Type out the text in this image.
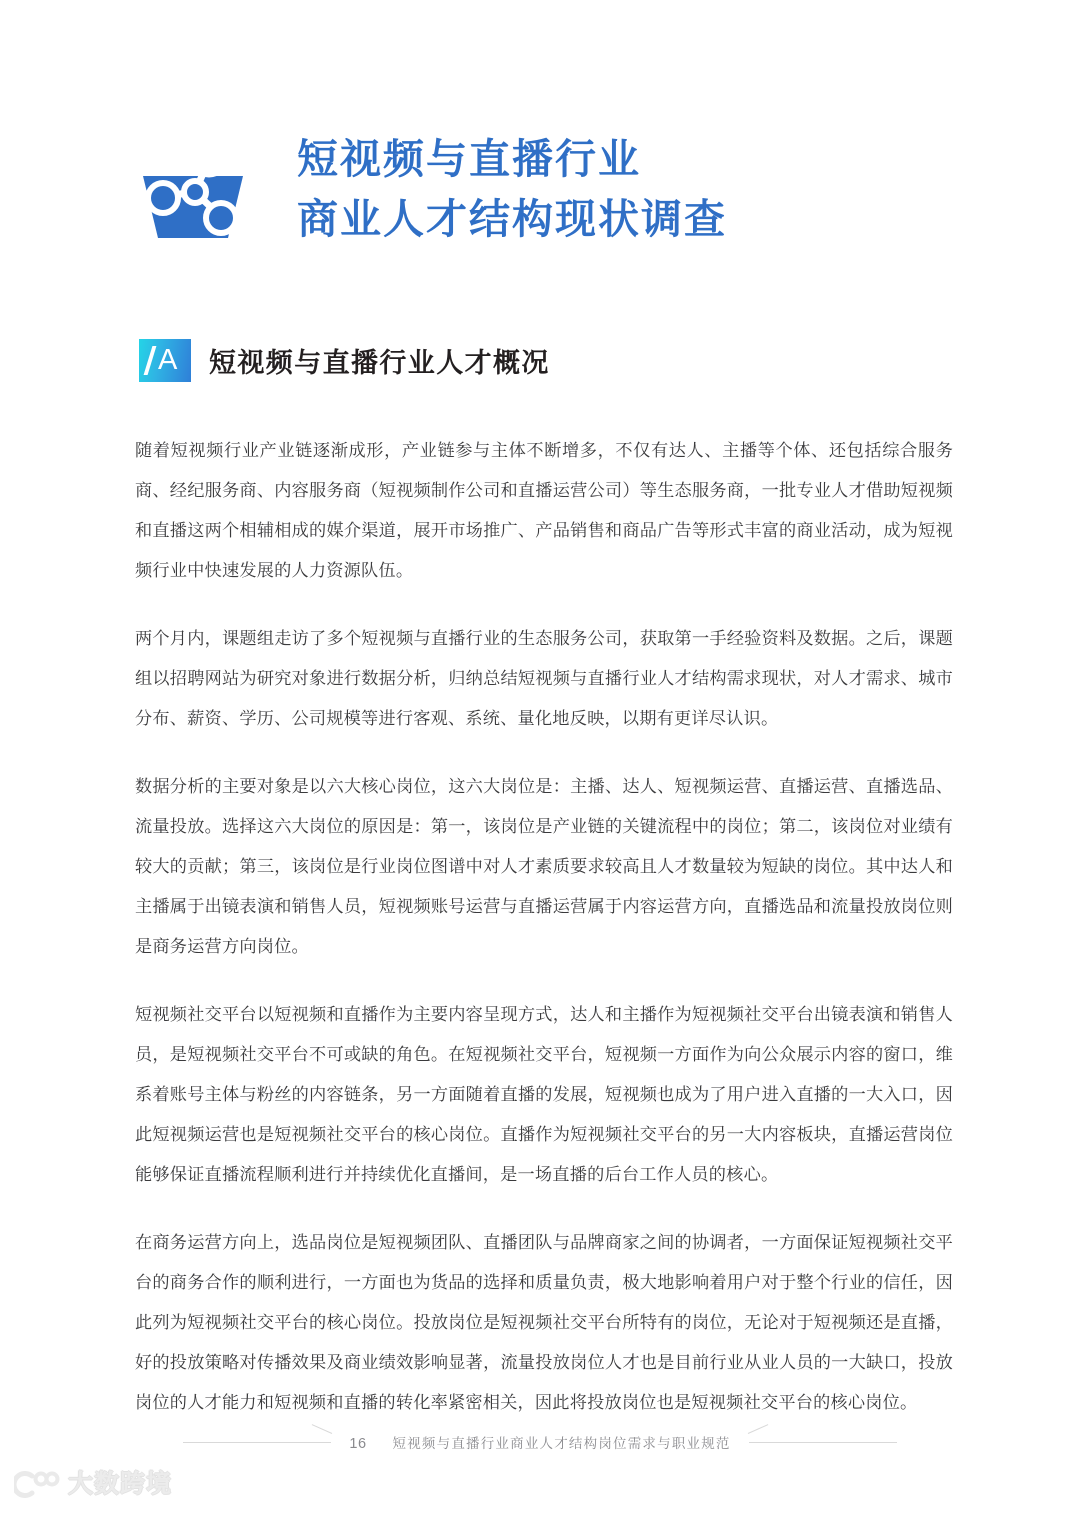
短视频与直播行业
商业人才结构现状调查
A 短视频与直播行业人才概况

随着短视频行业产业链逐渐成形，产业链参与主体不断增多，不仅有达人、主播等个体、还包括综合服务商、经纪服务商、内容服务商（短视频制作公司和直播运营公司）等生态服务商，一批专业人才借助短视频和直播这两个相辅相成的媒介渠道，展开市场推广、产品销售和商品广告等形式丰富的商业活动，成为短视频行业中快速发展的人力资源队伍。

两个月内，课题组走访了多个短视频与直播行业的生态服务公司，获取第一手经验资料及数据。之后，课题组以招聘网站为研究对象进行数据分析，归纳总结短视频与直播行业人才结构需求现状，对人才需求、城市分布、薪资、学历、公司规模等进行客观、系统、量化地反映，以期有更详尽认识。

数据分析的主要对象是以六大核心岗位，这六大岗位是：主播、达人、短视频运营、直播运营、直播选品、流量投放。选择这六大岗位的原因是：第一，该岗位是产业链的关键流程中的岗位；第二，该岗位对业绩有较大的贡献；第三，该岗位是行业岗位图谱中对人才素质要求较高且人才数量较为短缺的岗位。其中达人和主播属于出镜表演和销售人员，短视频账号运营与直播运营属于内容运营方向，直播选品和流量投放岗位则是商务运营方向岗位。

短视频社交平台以短视频和直播作为主要内容呈现方式，达人和主播作为短视频社交平台出镜表演和销售人员，是短视频社交平台不可或缺的角色。在短视频社交平台，短视频一方面作为向公众展示内容的窗口，维系着账号主体与粉丝的内容链条，另一方面随着直播的发展，短视频也成为了用户进入直播的一大入口，因此短视频运营也是短视频社交平台的核心岗位。直播作为短视频社交平台的另一大内容板块，直播运营岗位能够保证直播流程顺利进行并持续优化直播间，是一场直播的后台工作人员的核心。

在商务运营方向上，选品岗位是短视频团队、直播团队与品牌商家之间的协调者，一方面保证短视频社交平台的商务合作的顺利进行，一方面也为货品的选择和质量负责，极大地影响着用户对于整个行业的信任，因此列为短视频社交平台的核心岗位。投放岗位是短视频社交平台所特有的岗位，无论对于短视频还是直播，好的投放策略对传播效果及商业绩效影响显著，流量投放岗位人才也是目前行业从业人员的一大缺口，投放岗位的人才能力和短视频和直播的转化率紧密相关，因此将投放岗位也是短视频社交平台的核心岗位。

16 短视频与直播行业商业人才结构岗位需求与职业规范
大数跨境
